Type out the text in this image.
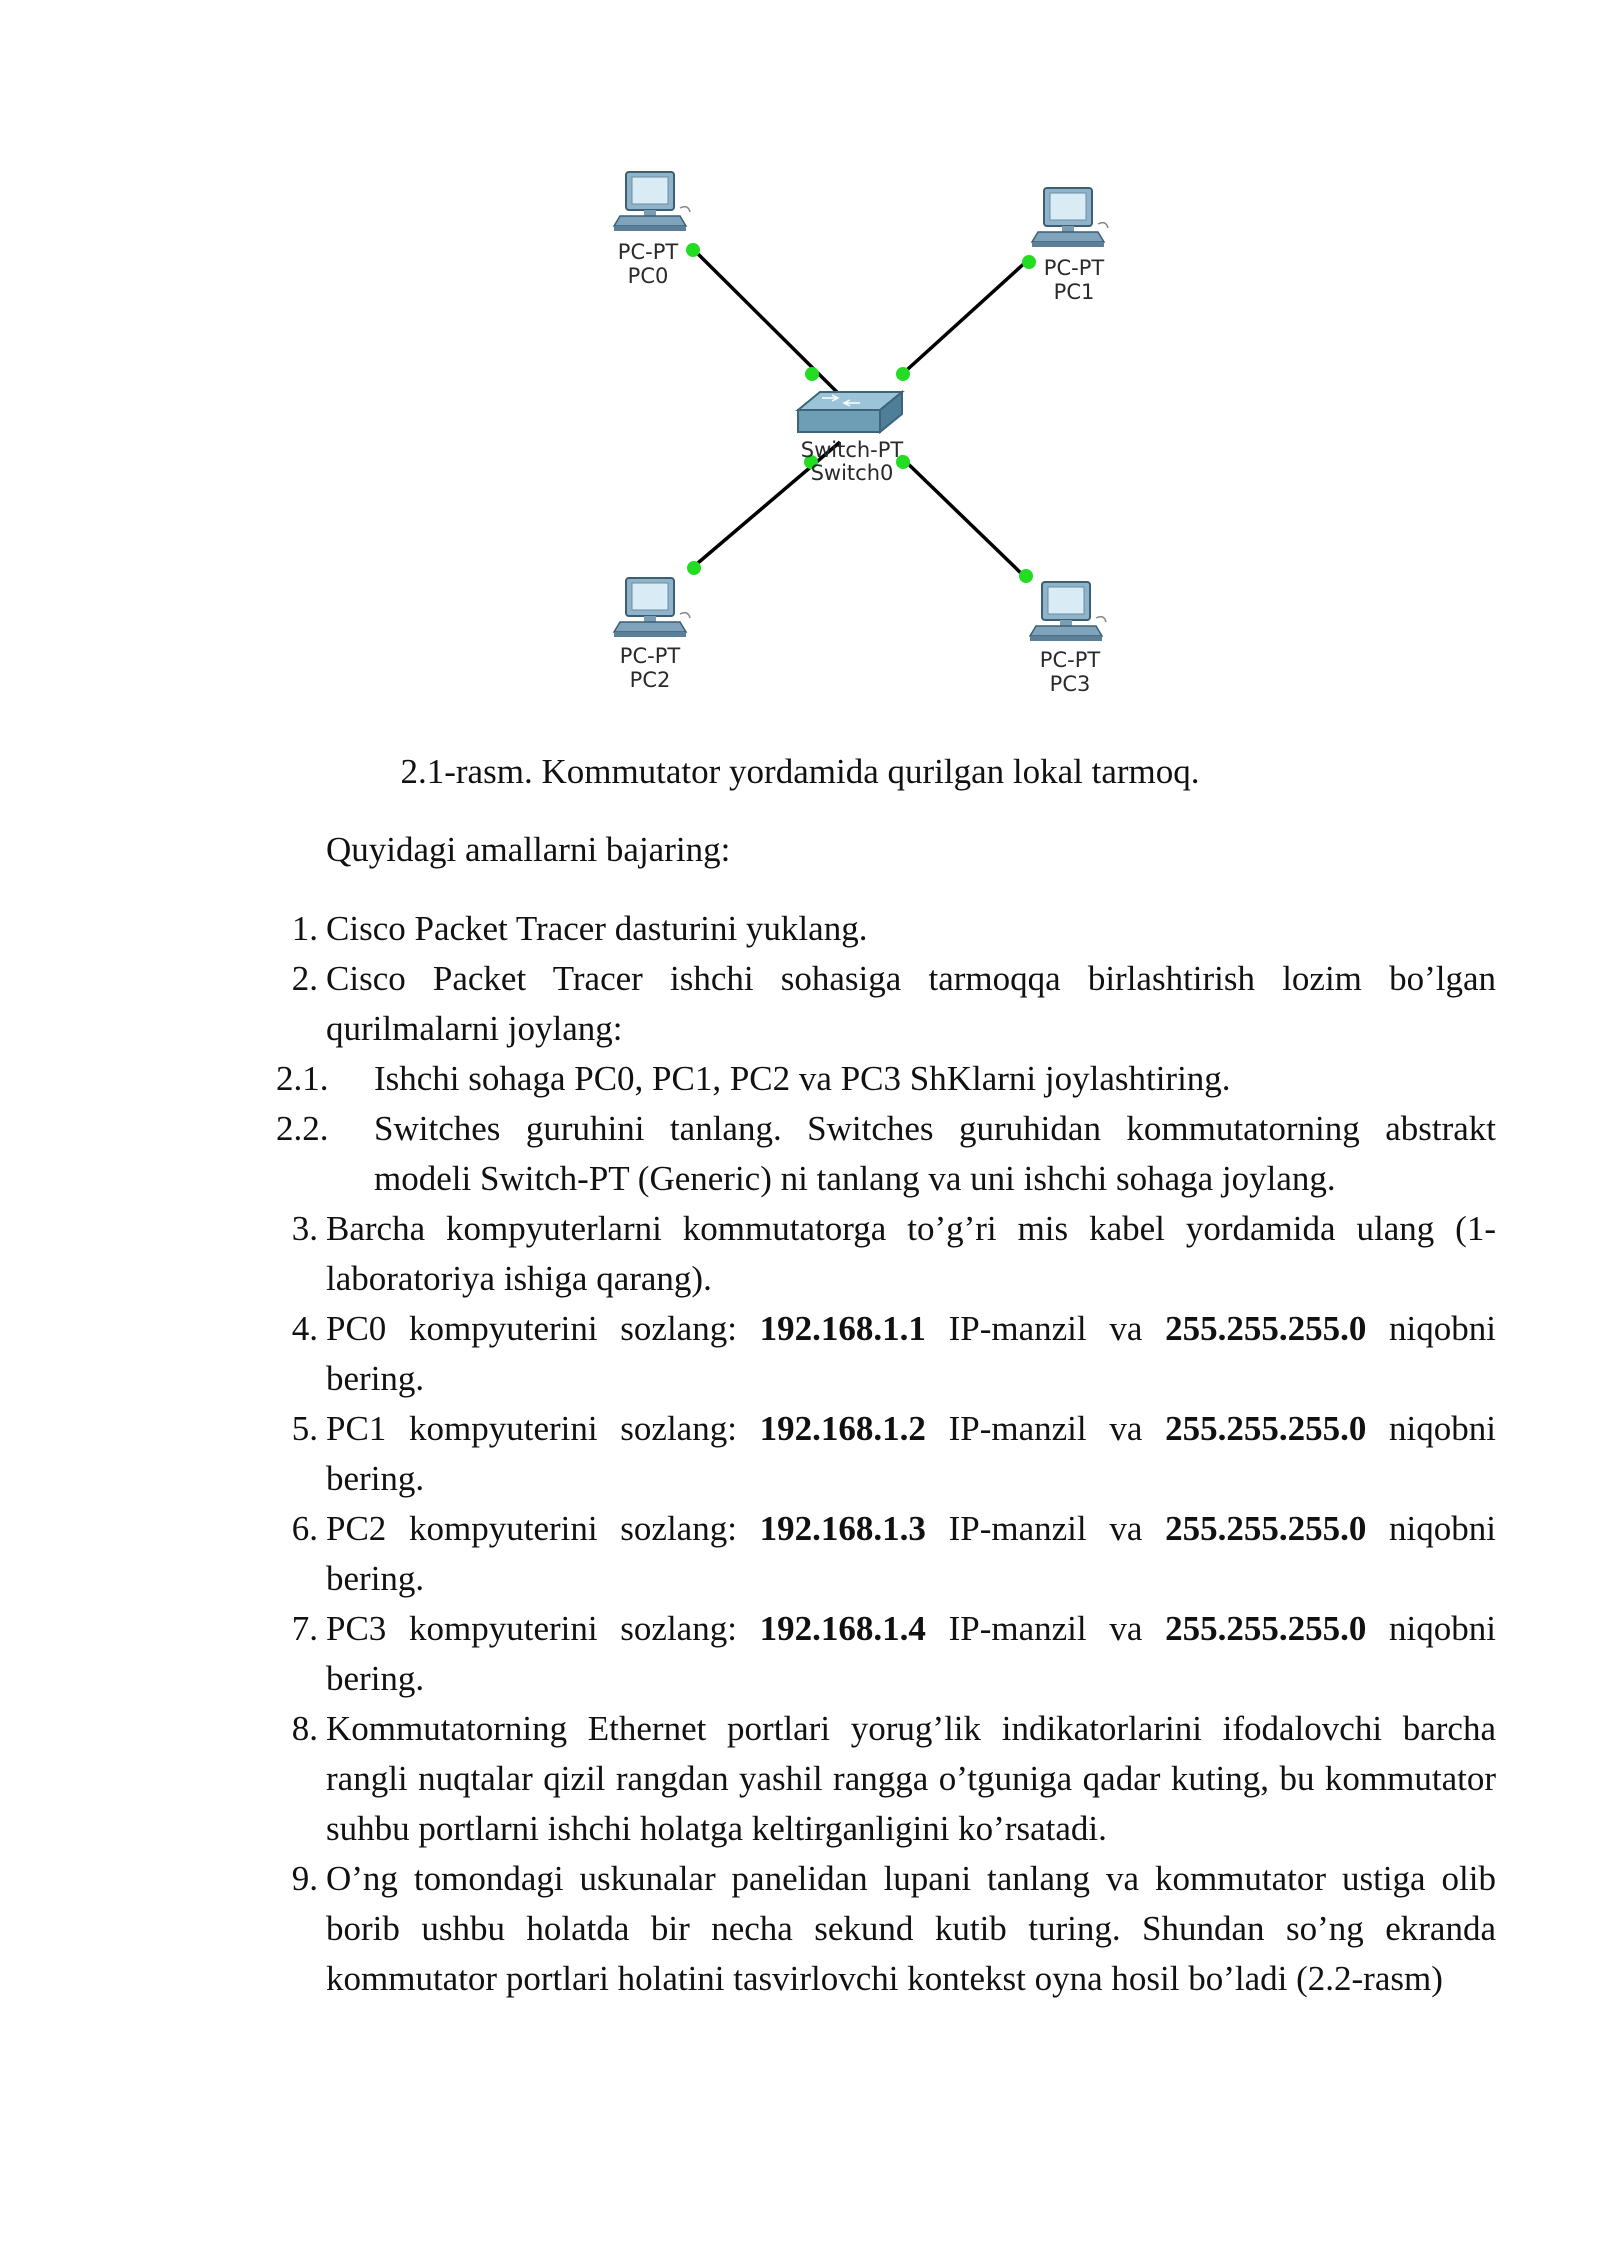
Switch-PT
Switch0
PC-PT
PC0	PC-PT
PC1
PC-PT
PC2
PC-PT
PC3
2.1-rasm. Kommutator yordamida qurilgan lokal tarmoq.
Quyidagi amallarni bajaring:
1. Cisco Packet Tracer dasturini yuklang.
2. Cisco Packet Tracer ishchi sohasiga tarmoqqa birlashtirish lozim bo’lgan qurilmalarni joylang:
2.1. Ishchi sohaga PC0, PC1, PC2 va PC3 ShKlarni joylashtiring.
2.2. Switches guruhini tanlang. Switches guruhidan kommutatorning abstrakt modeli Switch-PT (Generic) ni tanlang va uni ishchi sohaga joylang.
3. Barcha kompyuterlarni kommutatorga to’g’ri mis kabel yordamida ulang (1-laboratoriya ishiga qarang).
4. PC0 kompyuterini sozlang: 192.168.1.1 IP-manzil va 255.255.255.0 niqobni bering.
5. PC1 kompyuterini sozlang: 192.168.1.2 IP-manzil va 255.255.255.0 niqobni bering.
6. PC2 kompyuterini sozlang: 192.168.1.3 IP-manzil va 255.255.255.0 niqobni bering.
7. PC3 kompyuterini sozlang: 192.168.1.4 IP-manzil va 255.255.255.0 niqobni bering.
8. Kommutatorning Ethernet portlari yorug’lik indikatorlarini ifodalovchi barcha rangli nuqtalar qizil rangdan yashil rangga o’tguniga qadar kuting, bu kommutator suhbu portlarni ishchi holatga keltirganligini ko’rsatadi.
9. O’ng tomondagi uskunalar panelidan lupani tanlang va kommutator ustiga olib borib ushbu holatda bir necha sekund kutib turing. Shundan so’ng ekranda kommutator portlari holatini tasvirlovchi kontekst oyna hosil bo’ladi (2.2-rasm)
